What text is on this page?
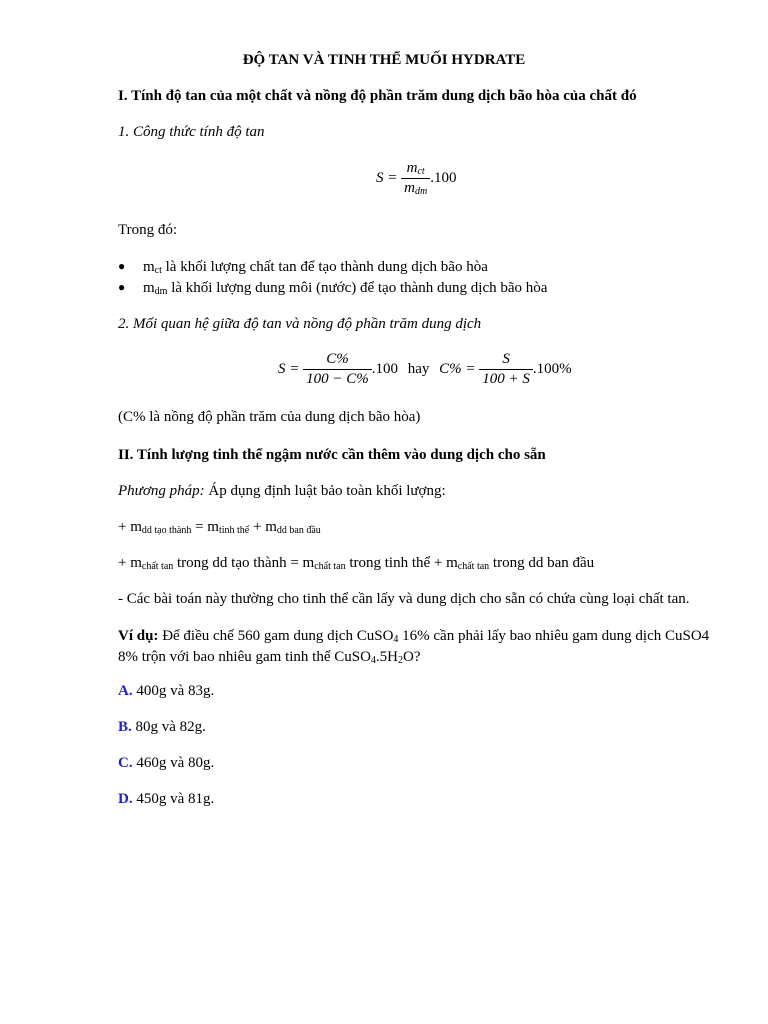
ĐỘ TAN VÀ TINH THỂ MUỐI HYDRATE
I. Tính độ tan của một chất và nồng độ phần trăm dung dịch bão hòa của chất đó
1. Công thức tính độ tan
$S = \frac{m_{ct}}{m_{dm}} .100$
Trong đó:
● $m_{ct}$ là khối lượng chất tan để tạo thành dung dịch bão hòa
● $m_{dm}$ là khối lượng dung môi (nước) để tạo thành dung dịch bão hòa
2. Mối quan hệ giữa độ tan và nồng độ phần trăm dung dịch
$S = \frac{C\%}{100 - C\%} .100$ hay $C\% = \frac{S}{100 + S} .100\%$
(C% là nồng độ phần trăm của dung dịch bão hòa)
II. Tính lượng tinh thể ngậm nước cần thêm vào dung dịch cho sẵn
Phương pháp: Áp dụng định luật bảo toàn khối lượng:
+ $m_{dd tạo thành} = m_{tinh thể} + m_{dd ban đầu}$
+ $m_{chất tan}$ trong dd tạo thành = $m_{chất tan}$ trong tinh thể + $m_{chất tan}$ trong dd ban đầu
- Các bài toán này thường cho tinh thể cần lấy và dung dịch cho sẵn có chứa cùng loại chất tan.
Ví dụ: Để điều chế 560 gam dung dịch CuSO$_4$ 16% cần phải lấy bao nhiêu gam dung dịch CuSO4
8% trộn với bao nhiêu gam tinh thể $CuSO_4.5H_2O$?
A. 400g và 83g.
B. 80g và 82g.
C. 460g và 80g.
D. 450g và 81g.
